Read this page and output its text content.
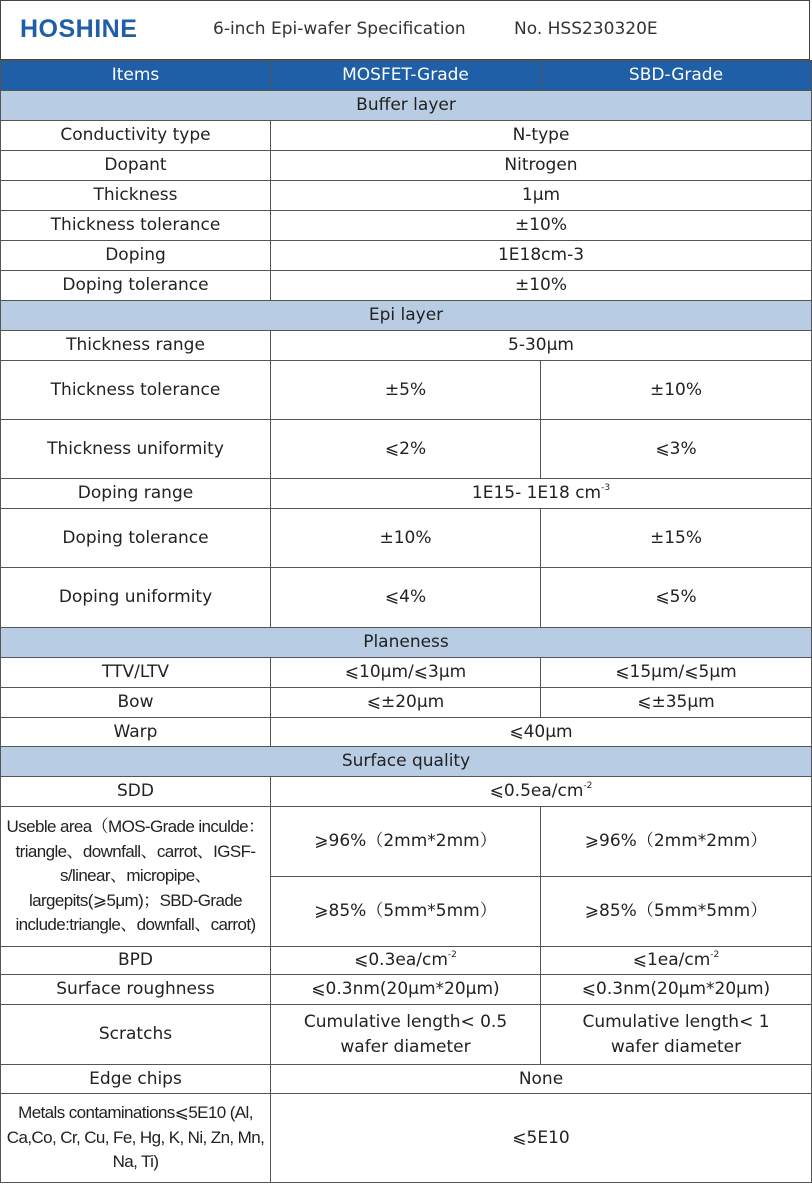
HOSHINE	6-inch Epi-wafer Specification	No. HSS230320E
Items	MOSFET-Grade	SBD-Grade
Buffer layer		
Conductivity type	N-type	
Dopant	Nitrogen	
Thickness	1μm	
Thickness tolerance	±10%	
Doping	1E18cm-3	
Doping tolerance	±10%	
Epi layer		
Thickness range	5-30μm	
Thickness tolerance	±5%	±10%
Thickness uniformity	⩽2%	⩽3%
Doping range	1E15- 1E18 $cm^{-3}$
Doping tolerance	±10%	±15%
Doping uniformity	⩽4%	⩽5%
Planeness		
TTV/LTV	⩽10μm/⩽3μm	⩽15μm/⩽5μm
Bow	⩽±20μm	⩽±35μm
Warp	⩽40μm	
Surface quality		
SDD	$⩽0.5ea/cm^{-2}$
Useble area（MOS-Grade inculde：triangle、downfall、carrot、IGSF-s/linear、micropipe、largepits(⩾5μm)；SBD-Grade include:triangle、downfall、carrot)	⩾96%（2mm*2mm）	⩾96%（2mm*2mm）
	⩾85%（5mm*5mm）	⩾85%（5mm*5mm）
BPD	$⩽0.3ea/cm^{-2}$	$⩽1ea/cm^{-2}$
Surface roughness	⩽0.3nm(20μm*20μm)	⩽0.3nm(20μm*20μm)
Scratchs	Cumulative length< 0.5 wafer diameter	Cumulative length< 1 wafer diameter
Edge chips	None	
Metals contaminations⩽5E10 (Al, Ca,Co, Cr, Cu, Fe, Hg, K, Ni, Zn, Mn, Na, Ti)	⩽5E10	
